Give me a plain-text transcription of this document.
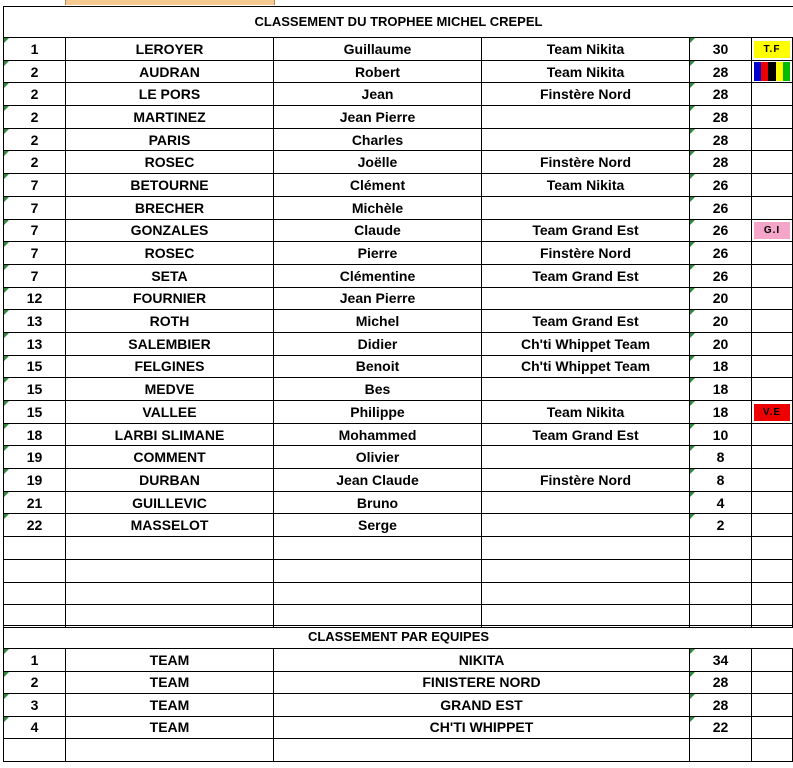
CLASSEMENT DU TROPHEE MICHEL CREPEL
1	LEROYER	Guillaume	Team Nikita	30	T.F
2	AUDRAN	Robert	Team Nikita	28	

2	LE PORS	Jean	Finstère Nord	28	
2	MARTINEZ	Jean Pierre		28	
2	PARIS	Charles		28	
2	ROSEC	Joëlle	Finstère Nord	28	
7	BETOURNE	Clément	Team Nikita	26	
7	BRECHER	Michèle		26	
7	GONZALES	Claude	Team Grand Est	26	G.I
7	ROSEC	Pierre	Finstère Nord	26	
7	SETA	Clémentine	Team Grand Est	26	
12	FOURNIER	Jean Pierre		20	
13	ROTH	Michel	Team Grand Est	20	
13	SALEMBIER	Didier	Ch'ti Whippet Team	20	
15	FELGINES	Benoit	Ch'ti Whippet Team	18	
15	MEDVE	Bes		18	
15	VALLEE	Philippe	Team Nikita	18	V.E
18	LARBI SLIMANE	Mohammed	Team Grand Est	10	
19	COMMENT	Olivier		8	
19	DURBAN	Jean Claude	Finstère Nord	8	
21	GUILLEVIC	Bruno		4	
22	MASSELOT	Serge		2	

CLASSEMENT PAR EQUIPES
1	TEAM	NIKITA	34	
2	TEAM	FINISTERE NORD	28	
3	TEAM	GRAND EST	28	
4	TEAM	CH'TI WHIPPET	22	
